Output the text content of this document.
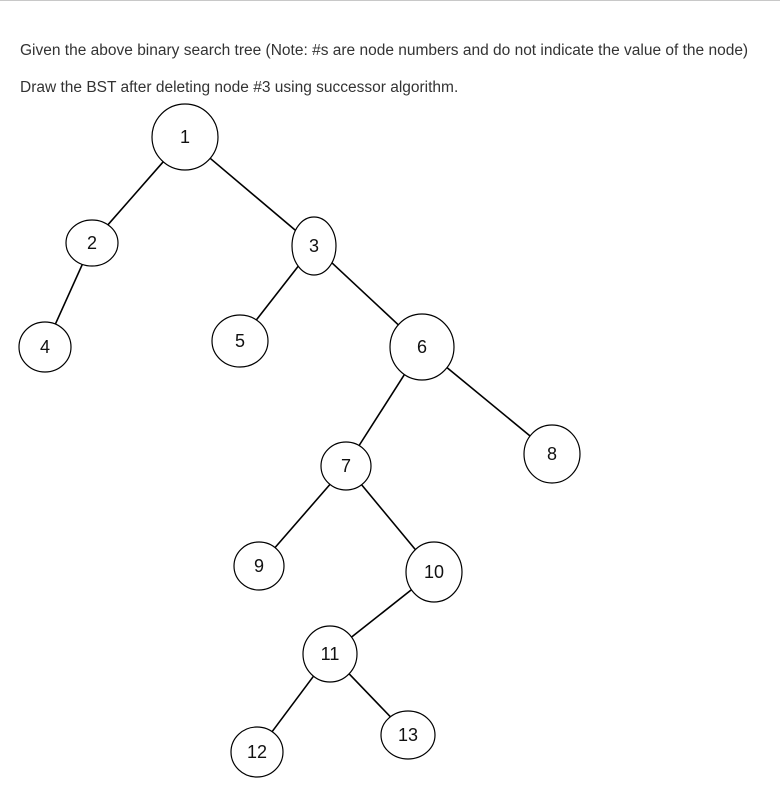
Given the above binary search tree (Note: #s are node numbers and do not indicate the value of the node)
Draw the BST after deleting node #3 using successor algorithm.
1
2	3
4	5	6
7
8
9	10
11
12
13
